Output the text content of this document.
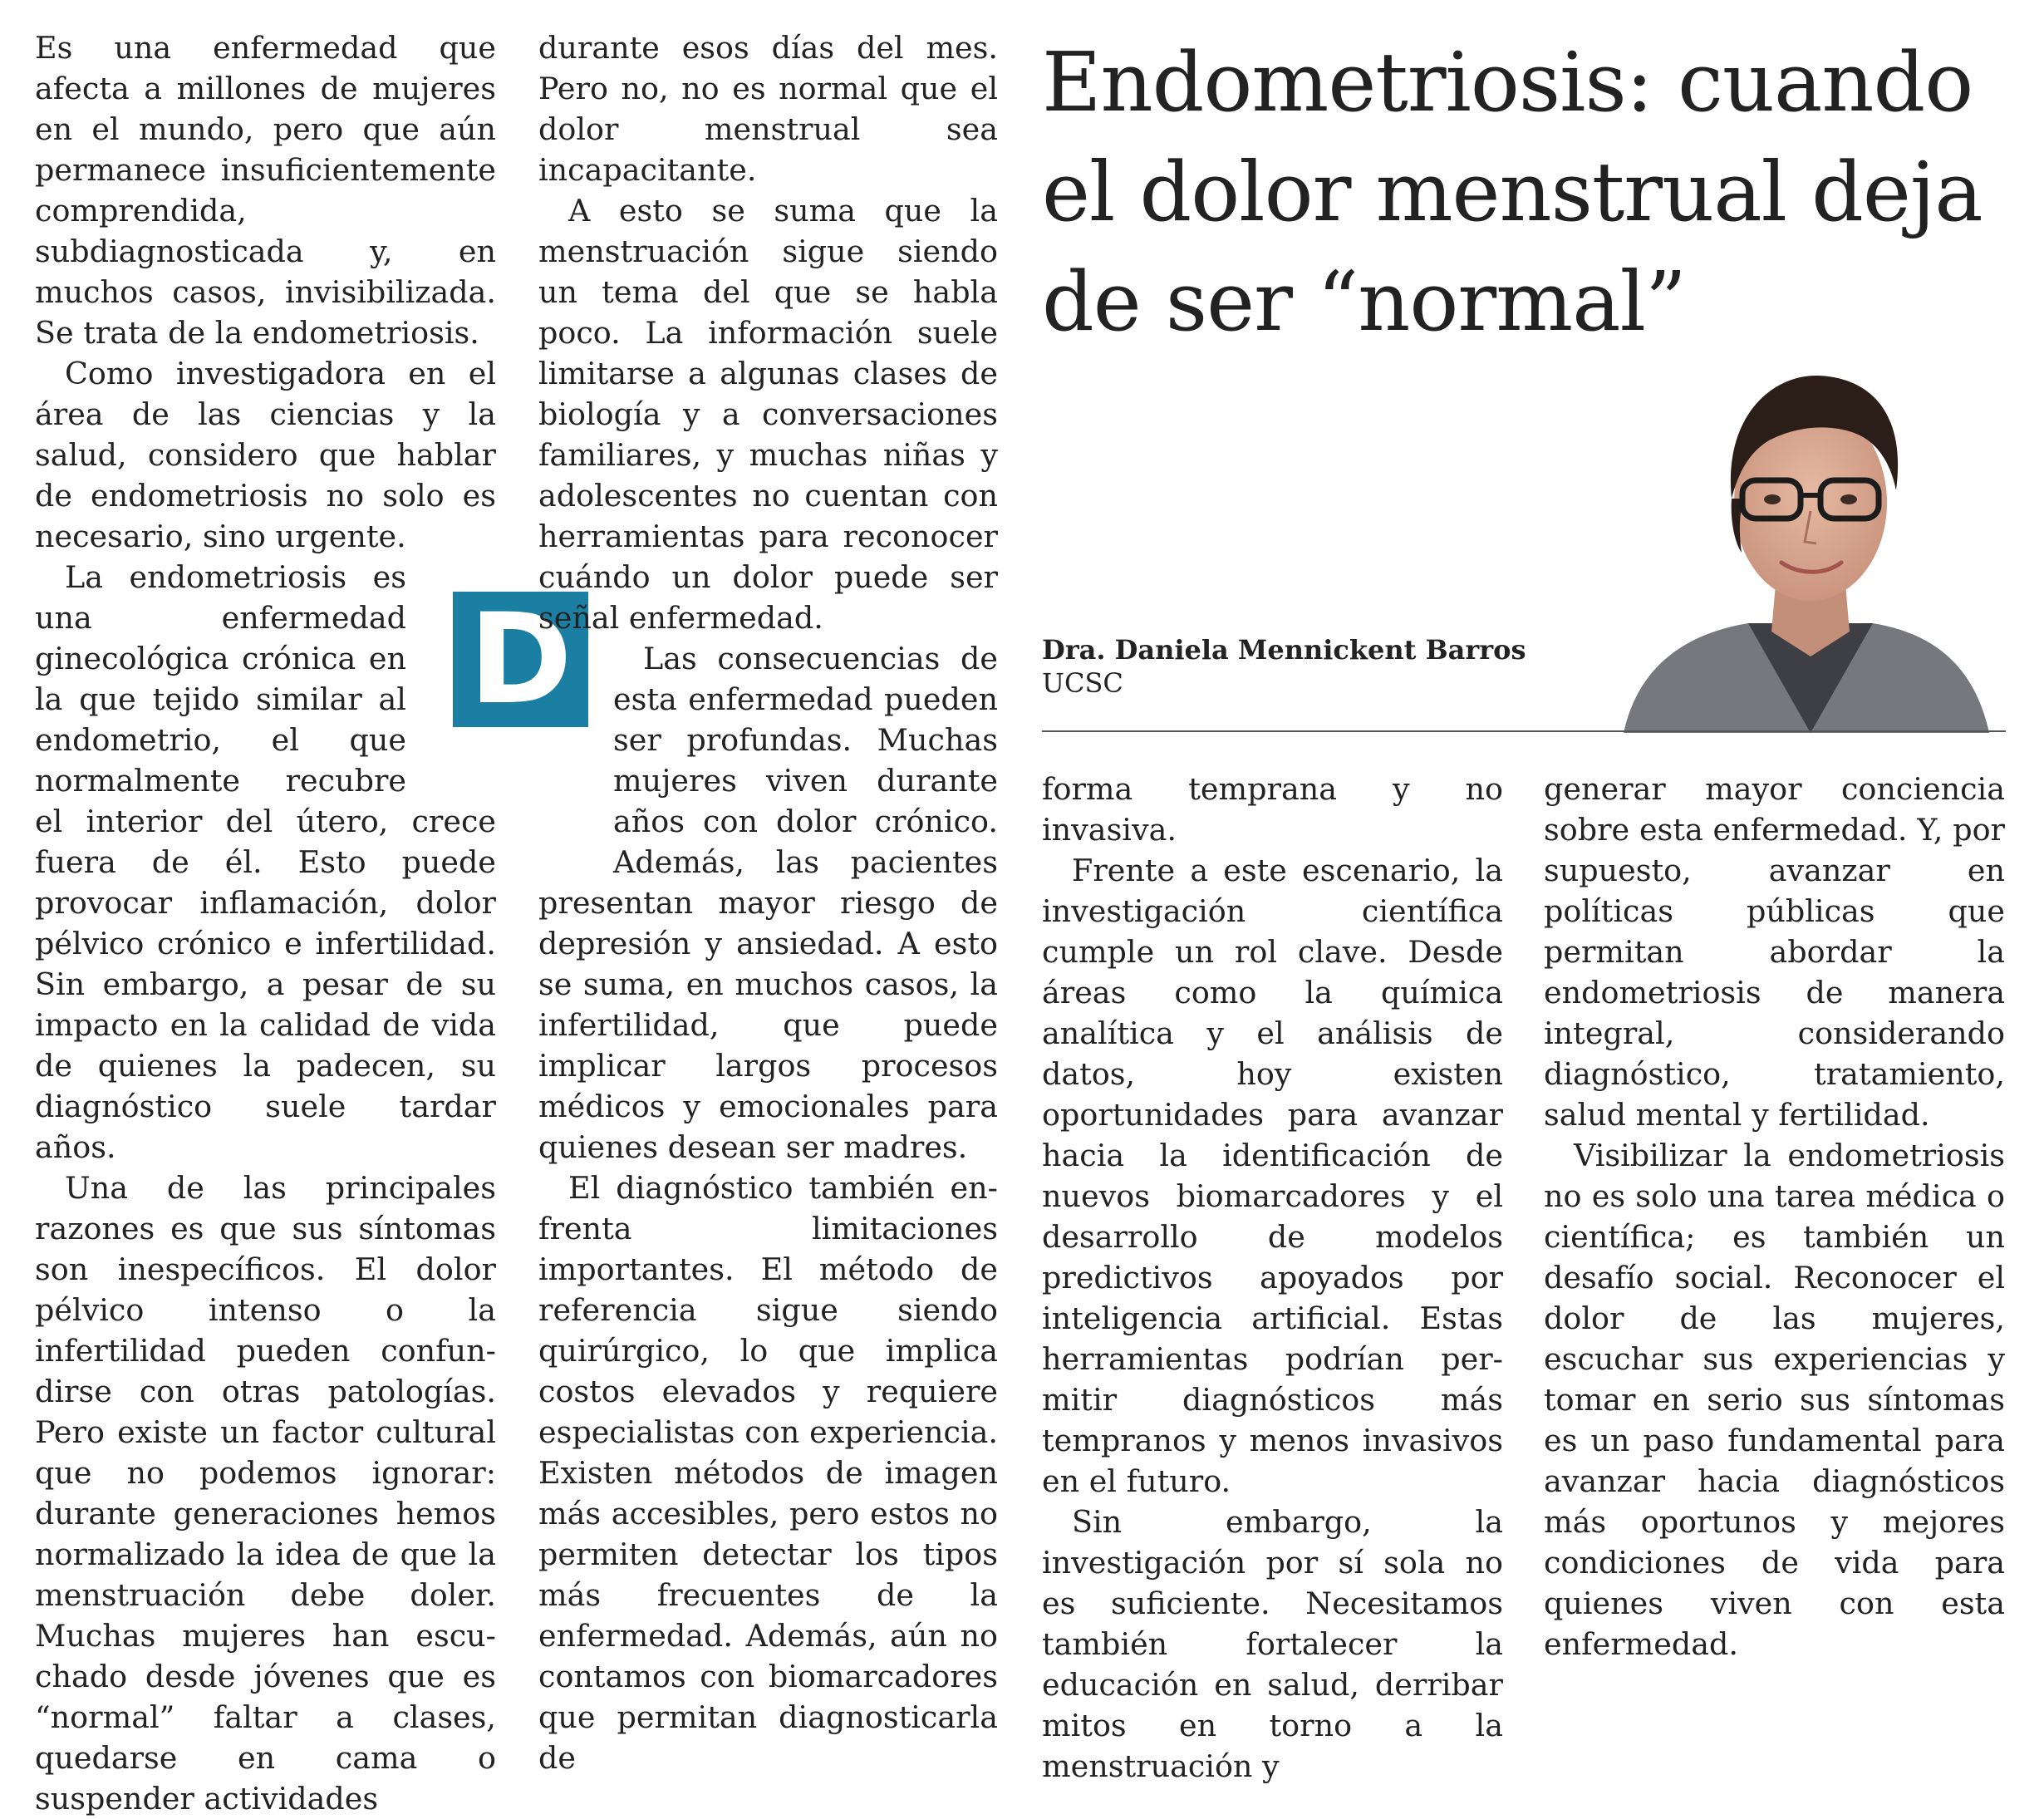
Es una enfermedad que afecta a millones de mujeres en el mundo, pero que aún permanece insuficientemente comprendida, subdiagnosticada y, en muchos casos, invisibilizada. Se trata de la endometriosis.

Como investigadora en el área de las ciencias y la salud, considero que hablar de endometriosis no solo es necesario, sino urgente.

La endometriosis es una enfermedad ginecológica crónica en la que tejido similar al endometrio, el que normalmente recubre el interior del útero, crece fuera de él. Esto puede provocar inflamación, dolor pélvico crónico e infertilidad. Sin embargo, a pesar de su impacto en la calidad de vida de quienes la padecen, su diagnóstico suele tardar años.

Una de las principales razones es que sus síntomas son inespecíficos. El dolor pélvico intenso o la infertilidad pueden confundirse con otras patologías. Pero existe un factor cultural que no podemos ignorar: durante generaciones hemos normalizado la idea de que la menstruación debe doler. Muchas mujeres han escuchado desde jóvenes que es “normal” faltar a clases, quedarse en cama o suspender actividades

D

durante esos días del mes. Pero no, no es normal que el dolor menstrual sea incapacitante.

A esto se suma que la menstruación sigue siendo un tema del que se habla poco. La información suele limitarse a algunas clases de biología y a conversaciones familiares, y muchas niñas y adolescentes no cuentan con herramientas para reconocer cuándo un dolor puede ser señal enfermedad.

Las consecuencias de esta enfermedad pueden ser profundas. Muchas mujeres viven durante años con dolor crónico. Además, las pacientes presentan mayor riesgo de depresión y ansiedad. A esto se suma, en muchos casos, la infertilidad, que puede implicar largos procesos médicos y emocionales para quienes desean ser madres.

El diagnóstico también enfrenta limitaciones importantes. El método de referencia sigue siendo quirúrgico, lo que implica costos elevados y requiere especialistas con experiencia. Existen métodos de imagen más accesibles, pero estos no permiten detectar los tipos más frecuentes de la enfermedad. Además, aún no contamos con biomarcadores que permitan diagnosticarla de

Endometriosis: cuando el dolor menstrual deja de ser “normal”

Dra. Daniela Mennickent Barros

UCSC

forma temprana y no invasiva.

Frente a este escenario, la investigación científica cumple un rol clave. Desde áreas como la química analítica y el análisis de datos, hoy existen oportunidades para avanzar hacia la identificación de nuevos biomarcadores y el desarrollo de modelos predictivos apoyados por inteligencia artificial. Estas herramientas podrían permitir diagnósticos más tempranos y menos invasivos en el futuro.

Sin embargo, la investigación por sí sola no es suficiente. Necesitamos también fortalecer la educación en salud, derribar mitos en torno a la menstruación y

generar mayor conciencia sobre esta enfermedad. Y, por supuesto, avanzar en políticas públicas que permitan abordar la endometriosis de manera integral, considerando diagnóstico, tratamiento, salud mental y fertilidad.

Visibilizar la endometriosis no es solo una tarea médica o científica; es también un desafío social. Reconocer el dolor de las mujeres, escuchar sus experiencias y tomar en serio sus síntomas es un paso fundamental para avanzar hacia diagnósticos más oportunos y mejores condiciones de vida para quienes viven con esta enfermedad.
